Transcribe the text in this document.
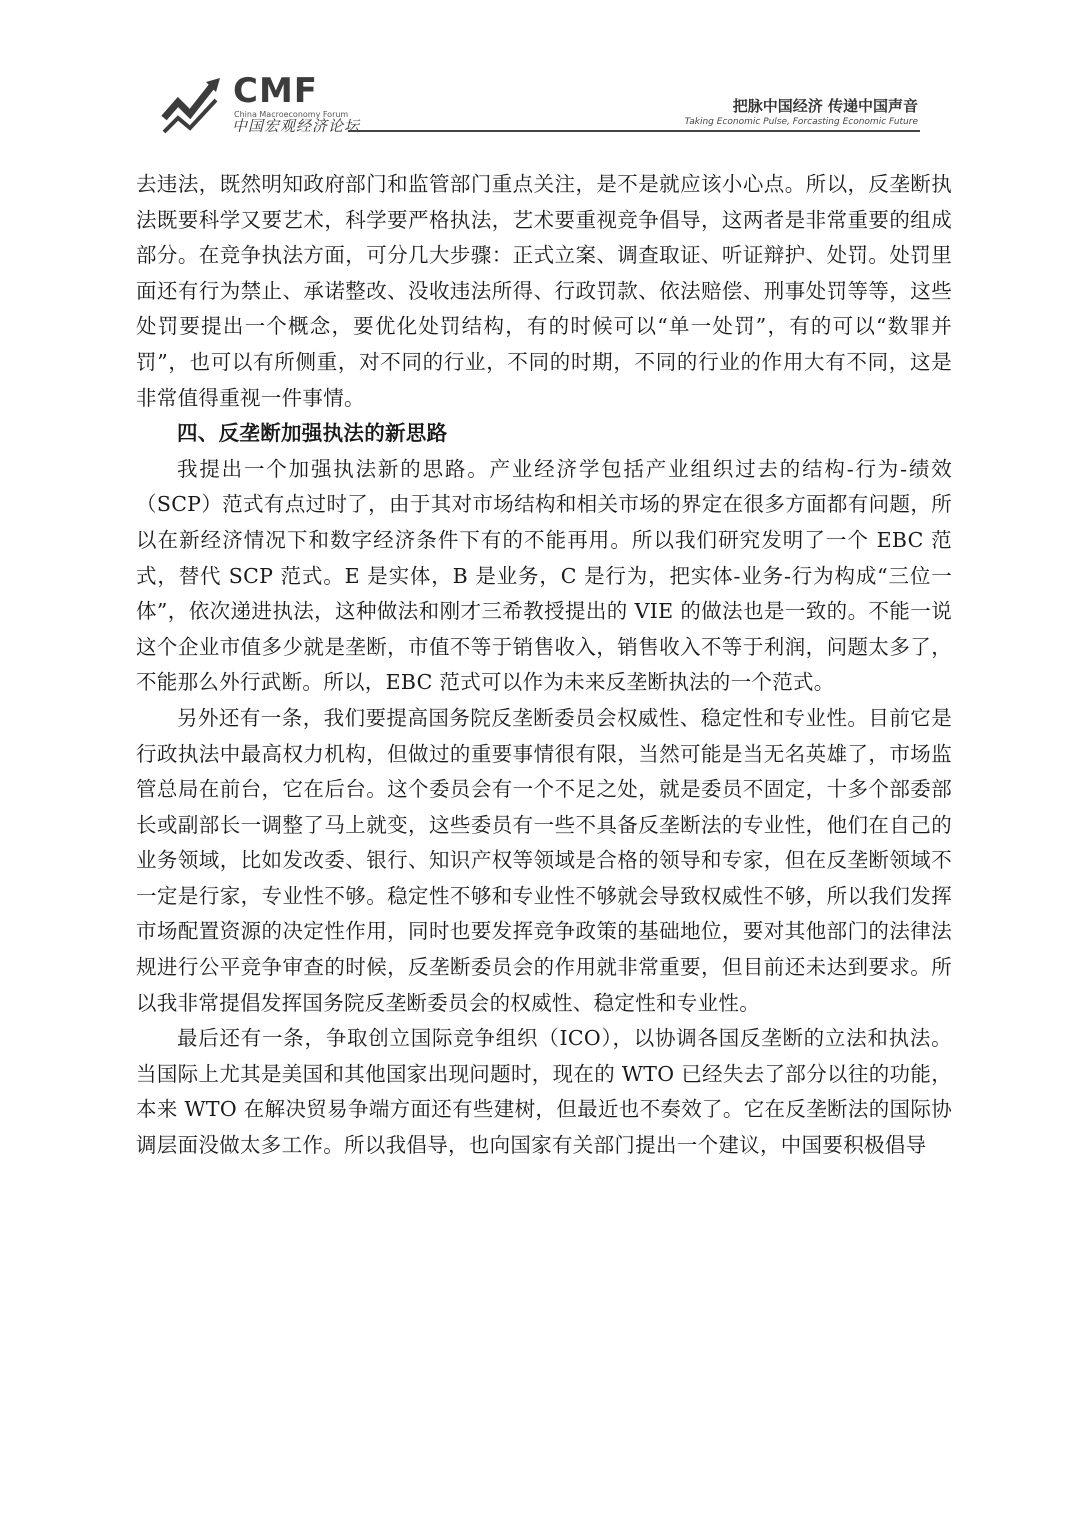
CMF
China Macroeconomy Forum
中国宏观经济论坛
把脉中国经济 传递中国声音
Taking Economic Pulse, Forcasting Economic Future

去违法，既然明知政府部门和监管部门重点关注，是不是就应该小心点。所以，反垄断执法既要科学又要艺术，科学要严格执法，艺术要重视竞争倡导，这两者是非常重要的组成部分。在竞争执法方面，可分几大步骤：正式立案、调查取证、听证辩护、处罚。处罚里面还有行为禁止、承诺整改、没收违法所得、行政罚款、依法赔偿、刑事处罚等等，这些处罚要提出一个概念，要优化处罚结构，有的时候可以“单一处罚”，有的可以“数罪并罚”，也可以有所侧重，对不同的行业，不同的时期，不同的行业的作用大有不同，这是非常值得重视一件事情。

四、反垄断加强执法的新思路

我提出一个加强执法新的思路。产业经济学包括产业组织过去的结构-行为-绩效（SCP）范式有点过时了，由于其对市场结构和相关市场的界定在很多方面都有问题，所以在新经济情况下和数字经济条件下有的不能再用。所以我们研究发明了一个 EBC 范式，替代 SCP 范式。E 是实体，B 是业务，C 是行为，把实体-业务-行为构成“三位一体”，依次递进执法，这种做法和刚才三希教授提出的 VIE 的做法也是一致的。不能一说这个企业市值多少就是垄断，市值不等于销售收入，销售收入不等于利润，问题太多了，不能那么外行武断。所以，EBC 范式可以作为未来反垄断执法的一个范式。

另外还有一条，我们要提高国务院反垄断委员会权威性、稳定性和专业性。目前它是行政执法中最高权力机构，但做过的重要事情很有限，当然可能是当无名英雄了，市场监管总局在前台，它在后台。这个委员会有一个不足之处，就是委员不固定，十多个部委部长或副部长一调整了马上就变，这些委员有一些不具备反垄断法的专业性，他们在自己的业务领域，比如发改委、银行、知识产权等领域是合格的领导和专家，但在反垄断领域不一定是行家，专业性不够。稳定性不够和专业性不够就会导致权威性不够，所以我们发挥市场配置资源的决定性作用，同时也要发挥竞争政策的基础地位，要对其他部门的法律法规进行公平竞争审查的时候，反垄断委员会的作用就非常重要，但目前还未达到要求。所以我非常提倡发挥国务院反垄断委员会的权威性、稳定性和专业性。

最后还有一条，争取创立国际竞争组织（ICO），以协调各国反垄断的立法和执法。当国际上尤其是美国和其他国家出现问题时，现在的 WTO 已经失去了部分以往的功能，本来 WTO 在解决贸易争端方面还有些建树，但最近也不奏效了。它在反垄断法的国际协调层面没做太多工作。所以我倡导，也向国家有关部门提出一个建议，中国要积极倡导
